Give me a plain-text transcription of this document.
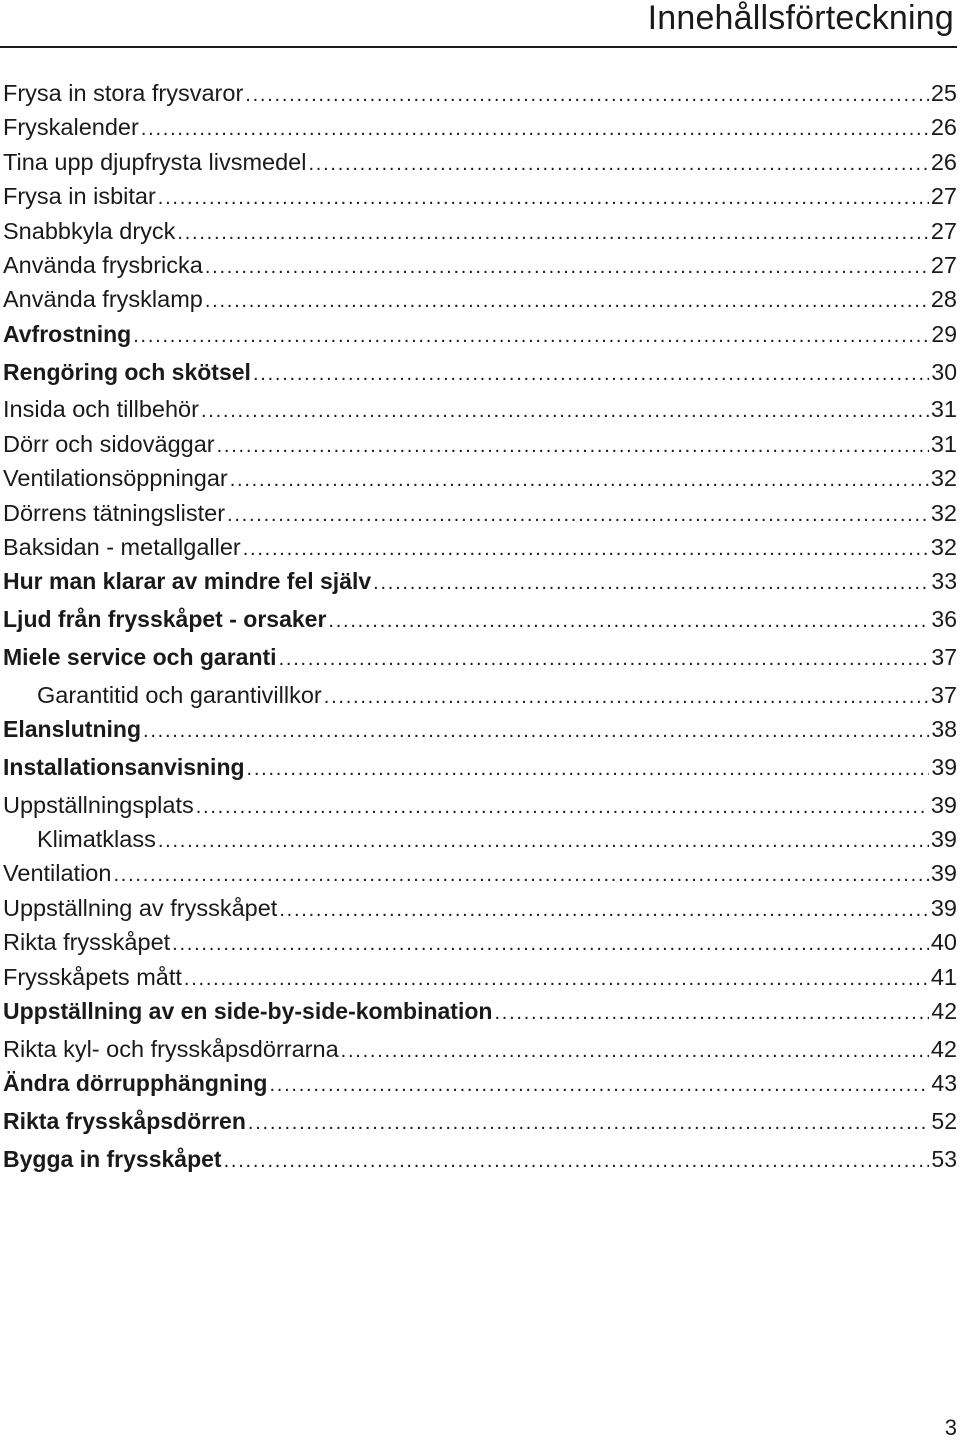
Innehållsförteckning
Frysa in stora frysvaror . . .	25
Fryskalender . . .	26
Tina upp djupfrysta livsmedel . . .	26
Frysa in isbitar . . .	27
Snabbkyla dryck . . .	27
Använda frysbricka . . .	27
Använda frysklamp . . .	28
Avfrostning . . .	29
Rengöring och skötsel . . .	30
Insida och tillbehör . . .	31
Dörr och sidoväggar . . .	31
Ventilationsöppningar . . .	32
Dörrens tätningslister . . .	32
Baksidan - metallgaller . . .	32
Hur man klarar av mindre fel själv . . .	33
Ljud från frysskåpet - orsaker . . .	36
Miele service och garanti . . .	37
Garantitid och garantivillkor . . .	37
Elanslutning . . .	38
Installationsanvisning . . .	39
Uppställningsplats . . .	39
Klimatklass . . .	39
Ventilation . . .	39
Uppställning av frysskåpet . . .	39
Rikta frysskåpet . . .	40
Frysskåpets mått . . .	41
Uppställning av en side-by-side-kombination . . .	42
Rikta kyl- och frysskåpsdörrarna . . .	42
Ändra dörrupphängning . . .	43
Rikta frysskåpsdörren . . .	52
Bygga in frysskåpet . . .	53
3
